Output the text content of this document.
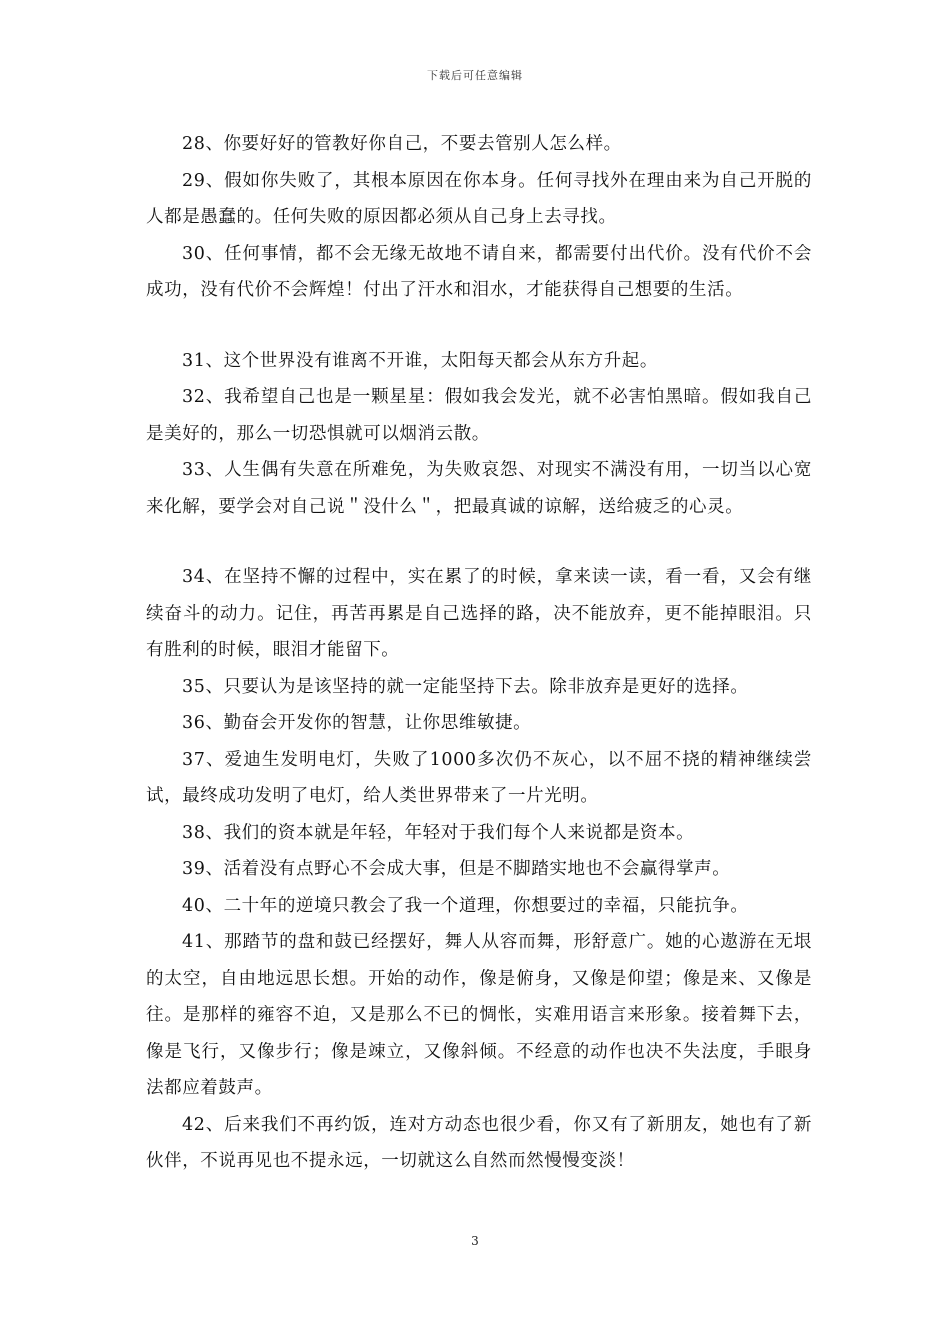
下载后可任意编辑

28、你要好好的管教好你自己，不要去管别人怎么样。

29、假如你失败了，其根本原因在你本身。任何寻找外在理由来为自己开脱的人都是愚蠢的。任何失败的原因都必须从自己身上去寻找。

30、任何事情，都不会无缘无故地不请自来，都需要付出代价。没有代价不会成功，没有代价不会辉煌！付出了汗水和泪水，才能获得自己想要的生活。

31、这个世界没有谁离不开谁，太阳每天都会从东方升起。

32、我希望自己也是一颗星星：假如我会发光，就不必害怕黑暗。假如我自己是美好的，那么一切恐惧就可以烟消云散。

33、人生偶有失意在所难免，为失败哀怨、对现实不满没有用，一切当以心宽来化解，要学会对自己说＂没什么＂，把最真诚的谅解，送给疲乏的心灵。

34、在坚持不懈的过程中，实在累了的时候，拿来读一读，看一看，又会有继续奋斗的动力。记住，再苦再累是自己选择的路，决不能放弃，更不能掉眼泪。只有胜利的时候，眼泪才能留下。

35、只要认为是该坚持的就一定能坚持下去。除非放弃是更好的选择。

36、勤奋会开发你的智慧，让你思维敏捷。

37、爱迪生发明电灯，失败了1000多次仍不灰心，以不屈不挠的精神继续尝试，最终成功发明了电灯，给人类世界带来了一片光明。

38、我们的资本就是年轻，年轻对于我们每个人来说都是资本。

39、活着没有点野心不会成大事，但是不脚踏实地也不会赢得掌声。

40、二十年的逆境只教会了我一个道理，你想要过的幸福，只能抗争。

41、那踏节的盘和鼓已经摆好，舞人从容而舞，形舒意广。她的心遨游在无垠的太空，自由地远思长想。开始的动作，像是俯身，又像是仰望；像是来、又像是往。是那样的雍容不迫，又是那么不已的惆怅，实难用语言来形象。接着舞下去，像是飞行，又像步行；像是竦立，又像斜倾。不经意的动作也决不失法度，手眼身法都应着鼓声。

42、后来我们不再约饭，连对方动态也很少看，你又有了新朋友，她也有了新伙伴，不说再见也不提永远，一切就这么自然而然慢慢变淡！

3
